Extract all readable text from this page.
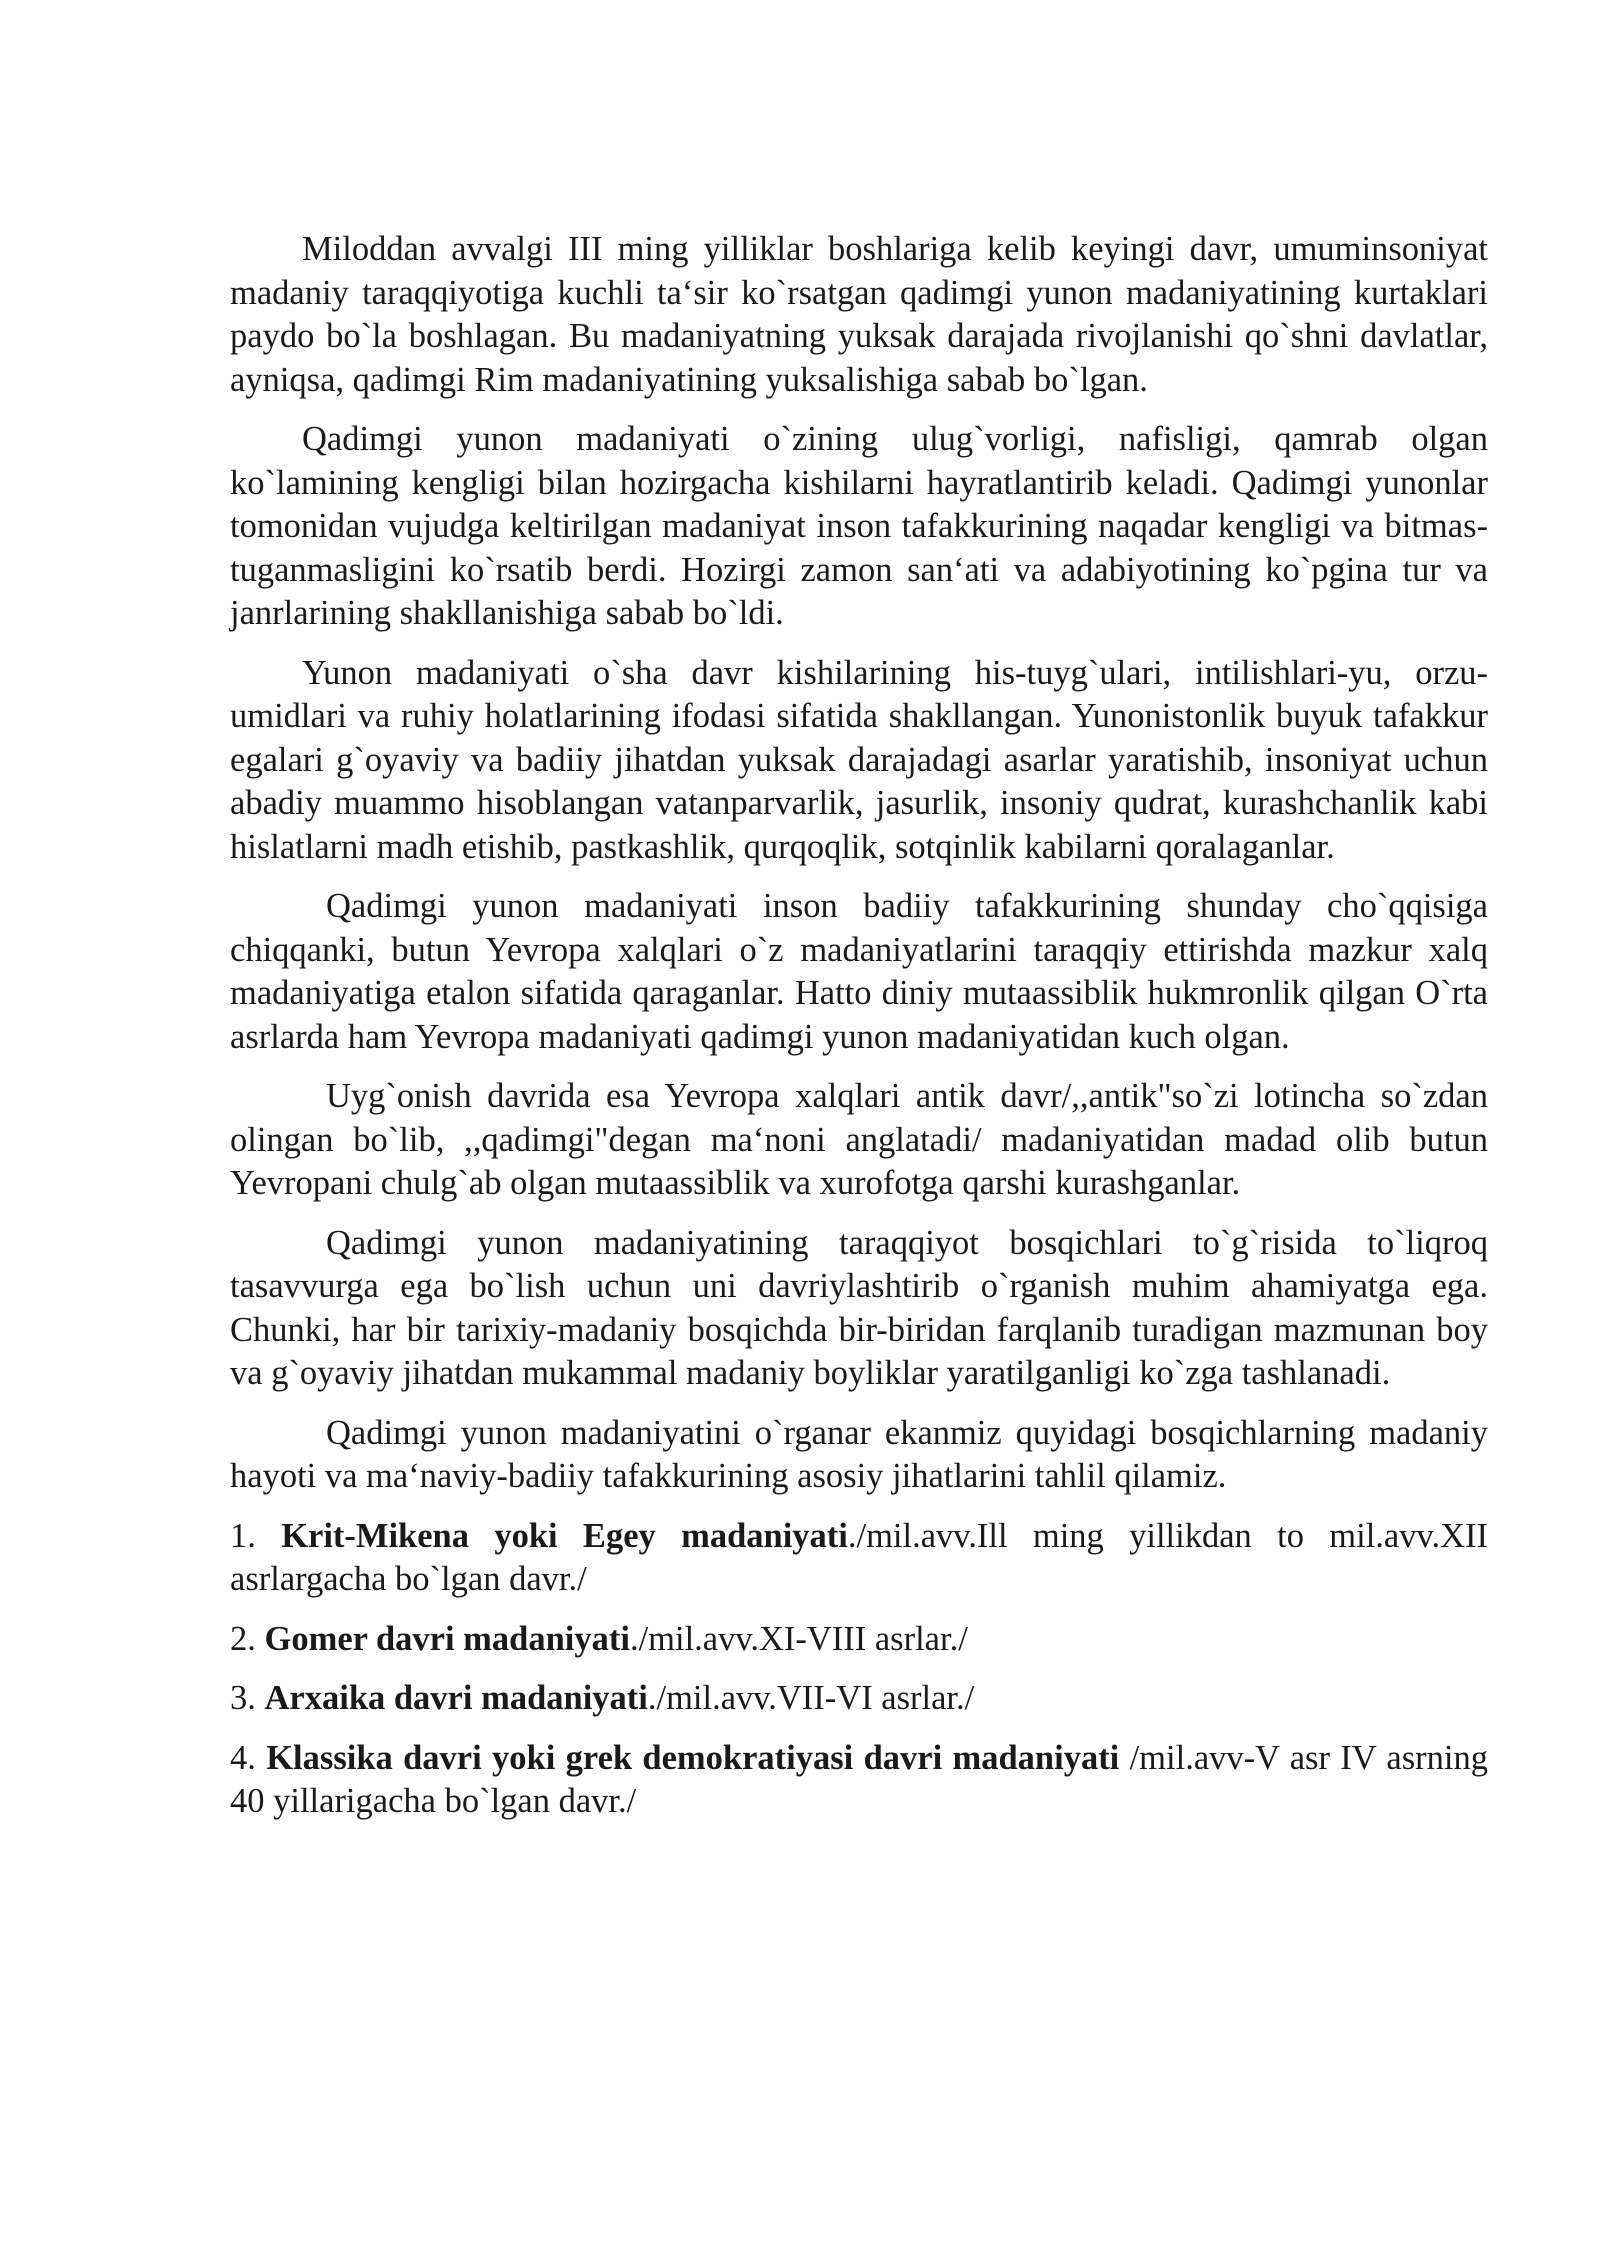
Miloddan avvalgi III ming yilliklar boshlariga kelib keyingi davr, umuminsoniyat madaniy taraqqiyotiga kuchli ta‘sir ko`rsatgan qadimgi yunon madaniyatining kurtaklari paydo bo`la boshlagan. Bu madaniyatning yuksak darajada rivojlanishi qo`shni davlatlar, ayniqsa, qadimgi Rim madaniyatining yuksalishiga sabab bo`lgan.

Qadimgi yunon madaniyati o`zining ulug`vorligi, nafisligi, qamrab olgan ko`lamining kengligi bilan hozirgacha kishilarni hayratlantirib keladi. Qadimgi yunonlar tomonidan vujudga keltirilgan madaniyat inson tafakkurining naqadar kengligi va bitmas-tuganmasligini ko`rsatib berdi. Hozirgi zamon san‘ati va adabiyotining ko`pgina tur va janrlarining shakllanishiga sabab bo`ldi.

Yunon madaniyati o`sha davr kishilarining his-tuyg`ulari, intilishlari-yu, orzu-umidlari va ruhiy holatlarining ifodasi sifatida shakllangan. Yunonistonlik buyuk tafakkur egalari g`oyaviy va badiiy jihatdan yuksak darajadagi asarlar yaratishib, insoniyat uchun abadiy muammo hisoblangan vatanparvarlik, jasurlik, insoniy qudrat, kurashchanlik kabi hislatlarni madh etishib, pastkashlik, qurqoqlik, sotqinlik kabilarni qoralaganlar.

Qadimgi yunon madaniyati inson badiiy tafakkurining shunday cho`qqisiga chiqqanki, butun Yevropa xalqlari o`z madaniyatlarini taraqqiy ettirishda mazkur xalq madaniyatiga etalon sifatida qaraganlar. Hatto diniy mutaassiblik hukmronlik qilgan O`rta asrlarda ham Yevropa madaniyati qadimgi yunon madaniyatidan kuch olgan.

Uyg`onish davrida esa Yevropa xalqlari antik davr/,,antik"so`zi lotincha so`zdan olingan bo`lib, ,,qadimgi"degan ma‘noni anglatadi/ madaniyatidan madad olib butun Yevropani chulg`ab olgan mutaassiblik va xurofotga qarshi kurashganlar.

Qadimgi yunon madaniyatining taraqqiyot bosqichlari to`g`risida to`liqroq tasavvurga ega bo`lish uchun uni davriylashtirib o`rganish muhim ahamiyatga ega. Chunki, har bir tarixiy-madaniy bosqichda bir-biridan farqlanib turadigan mazmunan boy va g`oyaviy jihatdan mukammal madaniy boyliklar yaratilganligi ko`zga tashlanadi.

Qadimgi yunon madaniyatini o`rganar ekanmiz quyidagi bosqichlarning madaniy hayoti va ma‘naviy-badiiy tafakkurining asosiy jihatlarini tahlil qilamiz.

1. Krit-Mikena yoki Egey madaniyati./mil.avv.Ill ming yillikdan to mil.avv.XII asrlargacha bo`lgan davr./

2. Gomer davri madaniyati./mil.avv.XI-VIII asrlar./

3. Arxaika davri madaniyati./mil.avv.VII-VI asrlar./

4. Klassika davri yoki grek demokratiyasi davri madaniyati /mil.avv-V asr IV asrning 40 yillarigacha bo`lgan davr./
